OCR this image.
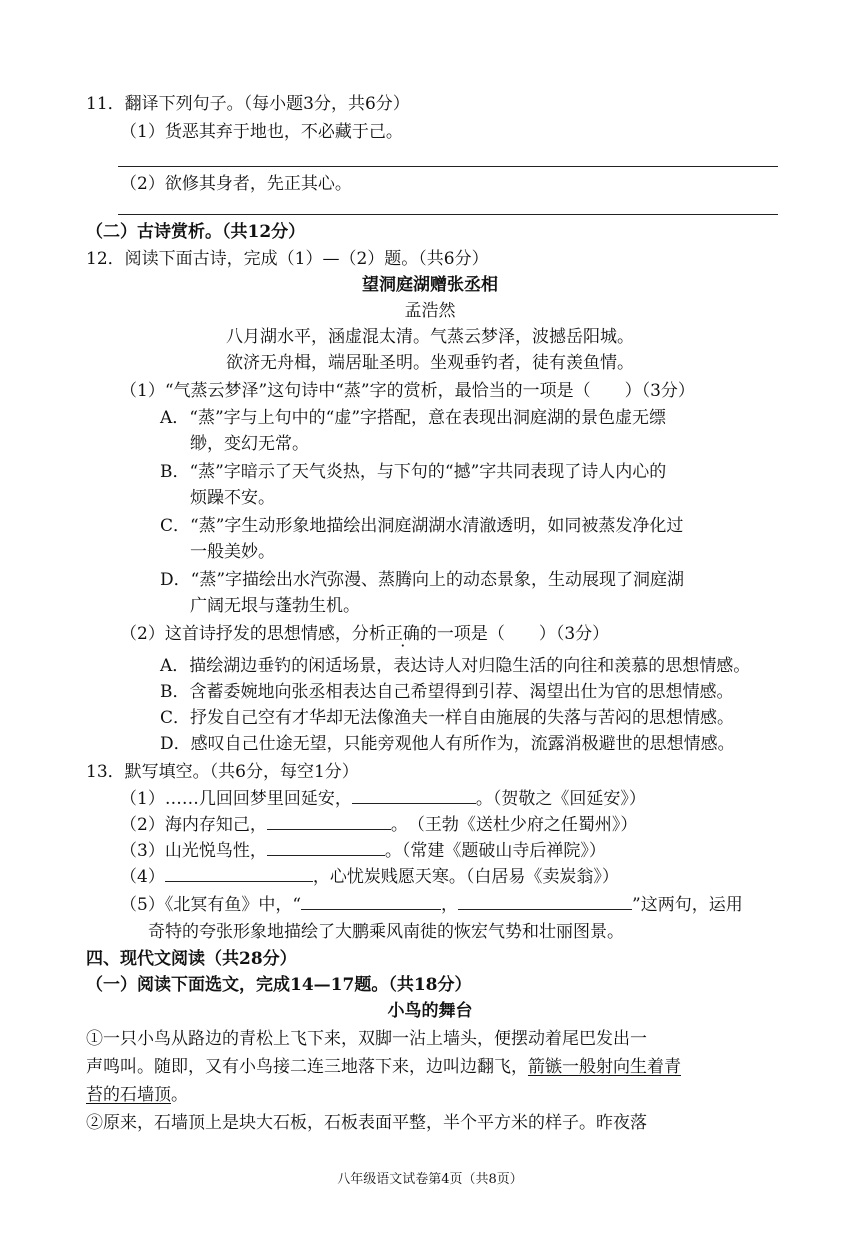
11．翻译下列句子。（每小题3分，共6分）
（1）货恶其弃于地也，不必藏于己。
（2）欲修其身者，先正其心。
（二）古诗赏析。（共12分）
12．阅读下面古诗，完成（1）—（2）题。（共6分）
望洞庭湖赠张丞相
孟浩然
八月湖水平，涵虚混太清。气蒸云梦泽，波撼岳阳城。
欲济无舟楫，端居耻圣明。坐观垂钓者，徒有羡鱼情。
（1）“气蒸云梦泽”这句诗中“蒸”字的赏析，最恰当的一项是（　　）（3分）
A．“蒸”字与上句中的“虚”字搭配，意在表现出洞庭湖的景色虚无缥
缈，变幻无常。
B．“蒸”字暗示了天气炎热，与下句的“撼”字共同表现了诗人内心的
烦躁不安。
C．“蒸”字生动形象地描绘出洞庭湖湖水清澈透明，如同被蒸发净化过
一般美妙。
D．“蒸”字描绘出水汽弥漫、蒸腾向上的动态景象，生动展现了洞庭湖
广阔无垠与蓬勃生机。
（2）这首诗抒发的思想情感，分析正确的一项是（　　）（3分）
A．描绘湖边垂钓的闲适场景，表达诗人对归隐生活的向往和羡慕的思想情感。
B．含蓄委婉地向张丞相表达自己希望得到引荐、渴望出仕为官的思想情感。
C．抒发自己空有才华却无法像渔夫一样自由施展的失落与苦闷的思想情感。
D．感叹自己仕途无望，只能旁观他人有所作为，流露消极避世的思想情感。
13．默写填空。（共6分，每空1分）
（1）……几回回梦里回延安，	。（贺敬之《回延安》）
（2）海内存知己，	。　（王勃《送杜少府之任蜀州》）
（3）山光悦鸟性，	。（常建《题破山寺后禅院》）
（4）	，心忧炭贱愿天寒。（白居易《卖炭翁》）
（5）《北冥有鱼》中，“	，	”这两句，运用
奇特的夸张形象地描绘了大鹏乘风南徙的恢宏气势和壮丽图景。
四、现代文阅读（共28分）
（一）阅读下面选文，完成14—17题。（共18分）
小鸟的舞台
①一只小鸟从路边的青松上飞下来，双脚一沾上墙头，便摆动着尾巴发出一
声鸣叫。随即，又有小鸟接二连三地落下来，边叫边翻飞，箭镞一般射向生着青
苔的石墙顶。
②原来，石墙顶上是块大石板，石板表面平整，半个平方米的样子。昨夜落
八年级语文试卷第4页（共8页）
